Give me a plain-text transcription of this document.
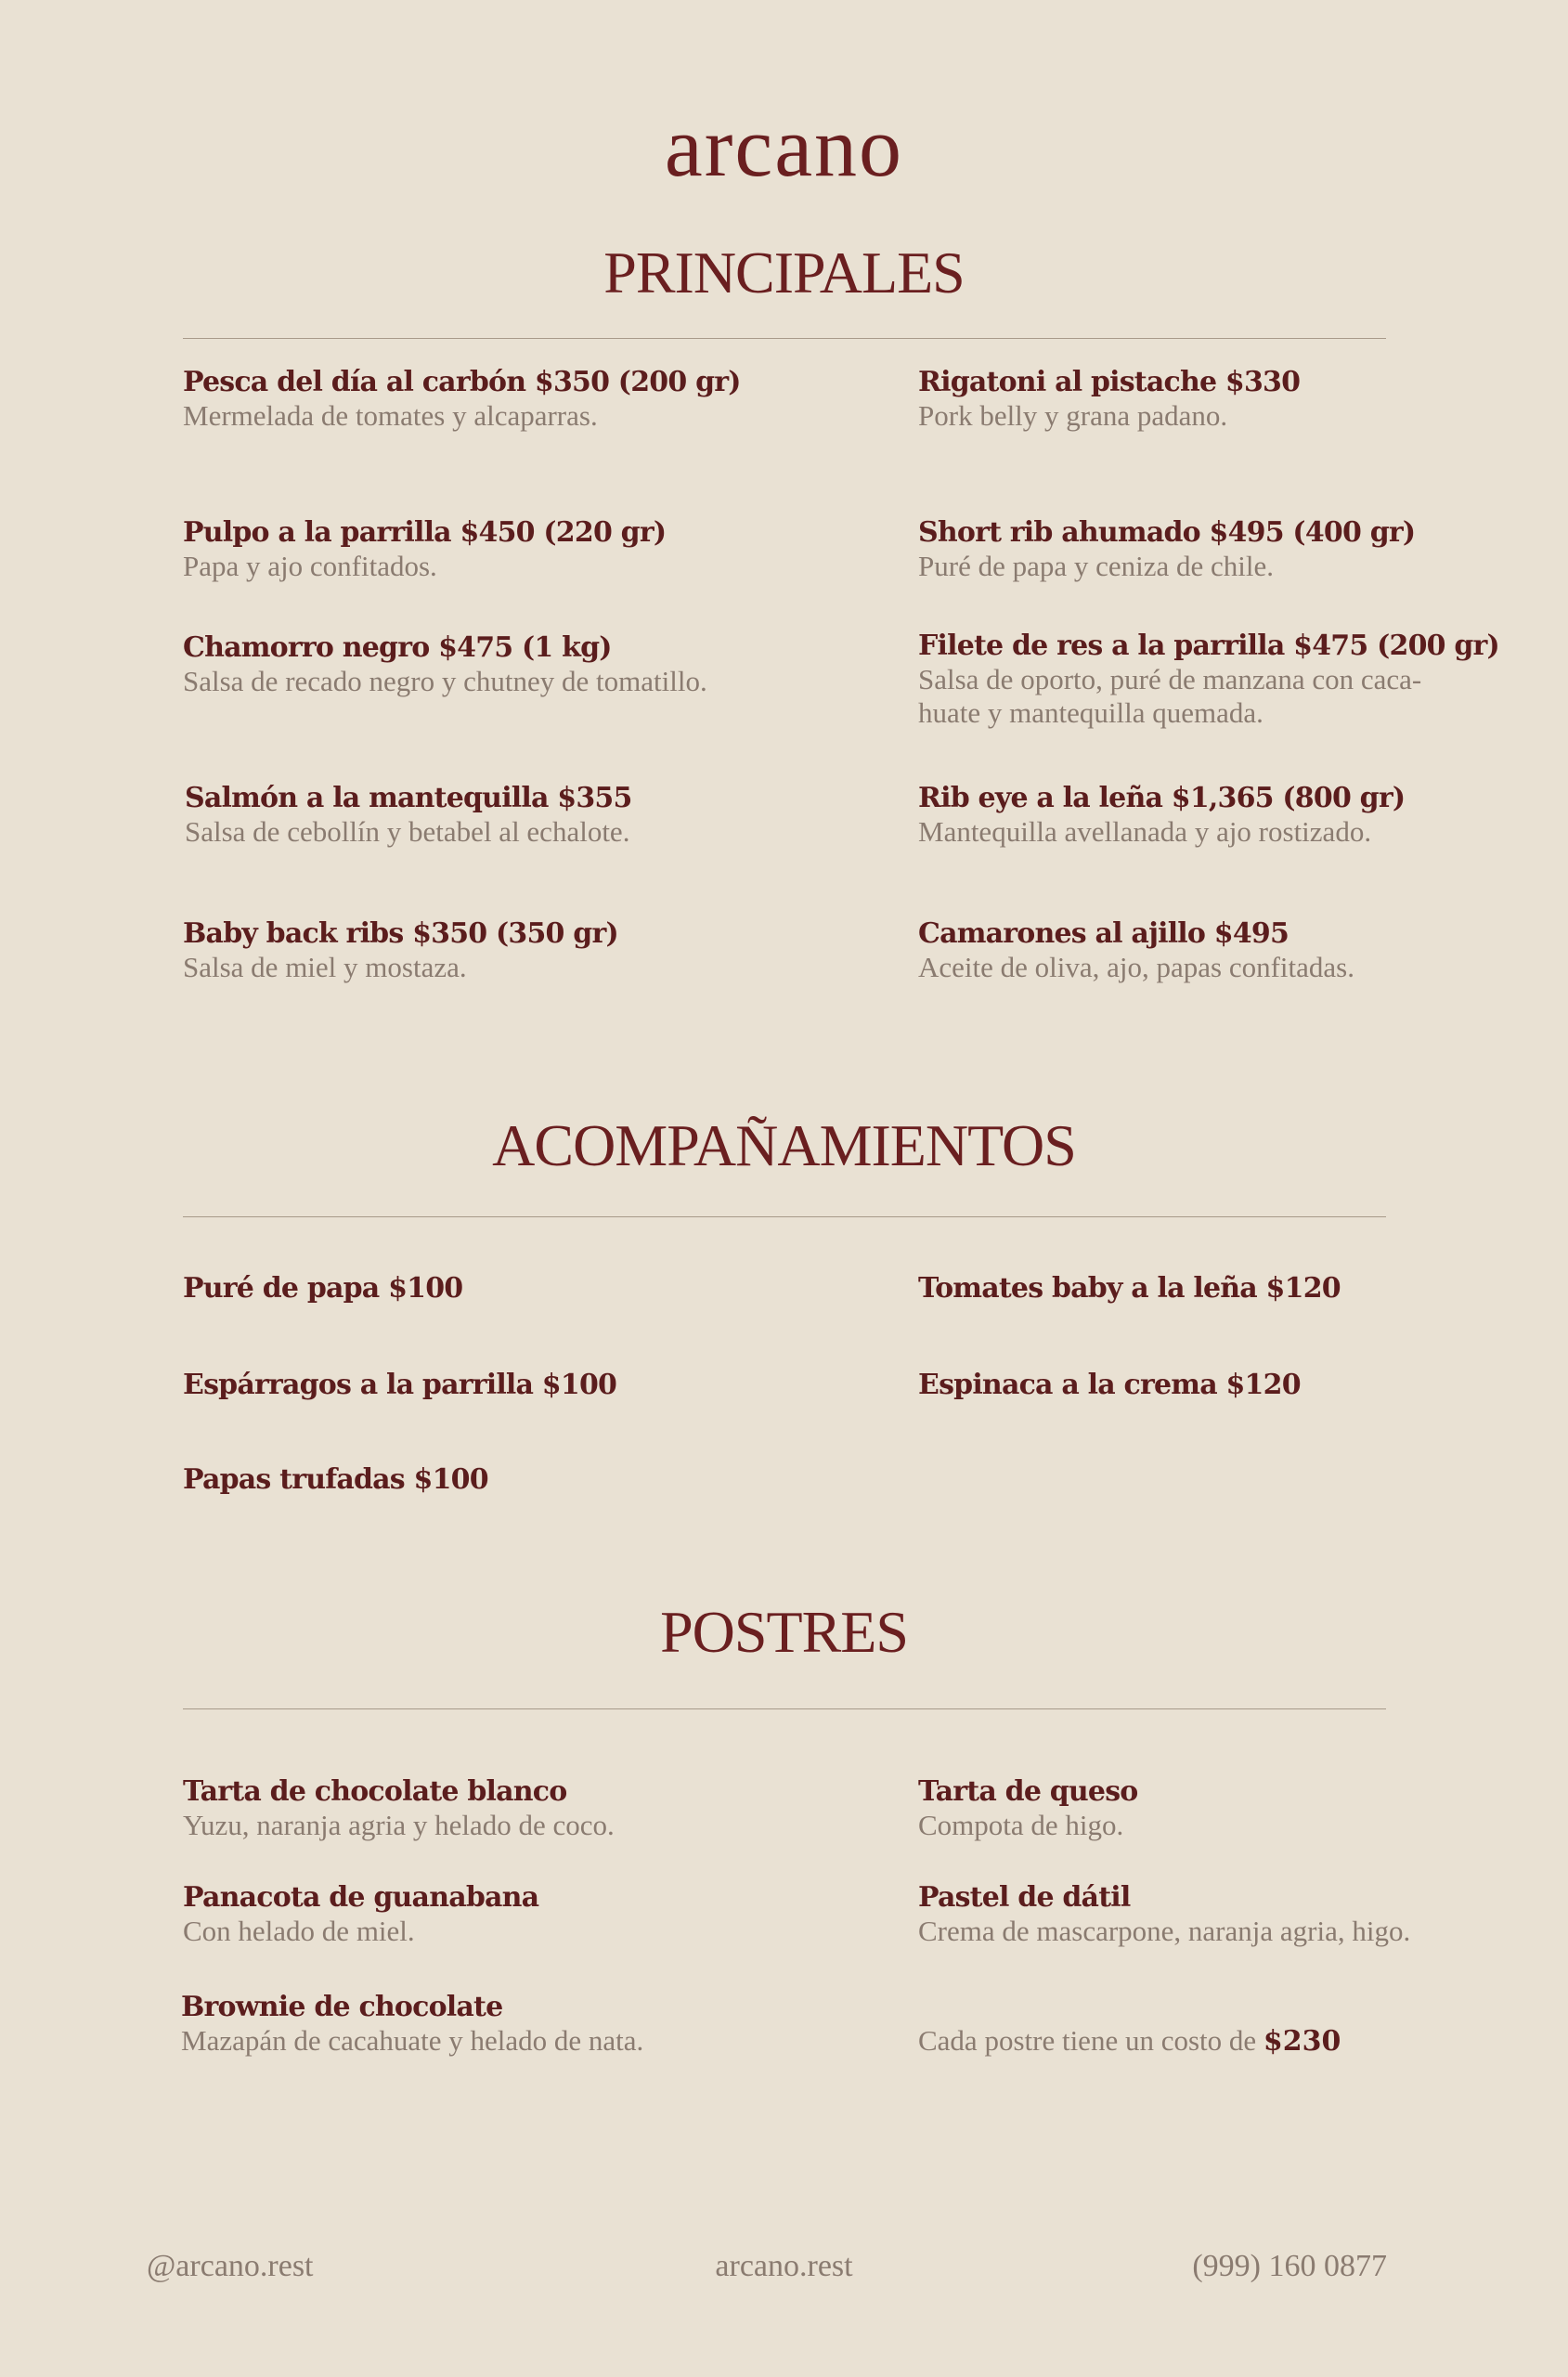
arcano
PRINCIPALES
Pesca del día al carbón $350 (200 gr)
Mermelada de tomates y alcaparras.
Pulpo a la parrilla $450 (220 gr)
Papa y ajo confitados.
Chamorro negro $475 (1 kg)
Salsa de recado negro y chutney de tomatillo.
Salmón a la mantequilla $355
Salsa de cebollín y betabel al echalote.
Baby back ribs $350 (350 gr)
Salsa de miel y mostaza.
Rigatoni al pistache $330
Pork belly y grana padano.
Short rib ahumado $495 (400 gr)
Puré de papa y ceniza de chile.
Filete de res a la parrilla $475 (200 gr)
Salsa de oporto, puré de manzana con caca-huate y mantequilla quemada.
Rib eye a la leña $1,365 (800 gr)
Mantequilla avellanada y ajo rostizado.
Camarones al ajillo $495
Aceite de oliva, ajo, papas confitadas.
ACOMPAÑAMIENTOS
Puré de papa $100
Espárragos a la parrilla $100
Papas trufadas $100
Tomates baby a la leña $120
Espinaca a la crema $120
POSTRES
Tarta de chocolate blanco
Yuzu, naranja agria y helado de coco.
Panacota de guanabana
Con helado de miel.
Brownie de chocolate
Mazapán de cacahuate y helado de nata.
Tarta de queso
Compota de higo.
Pastel de dátil
Crema de mascarpone, naranja agria, higo.
Cada postre tiene un costo de $230
@arcano.rest	arcano.rest	(999) 160 0877
